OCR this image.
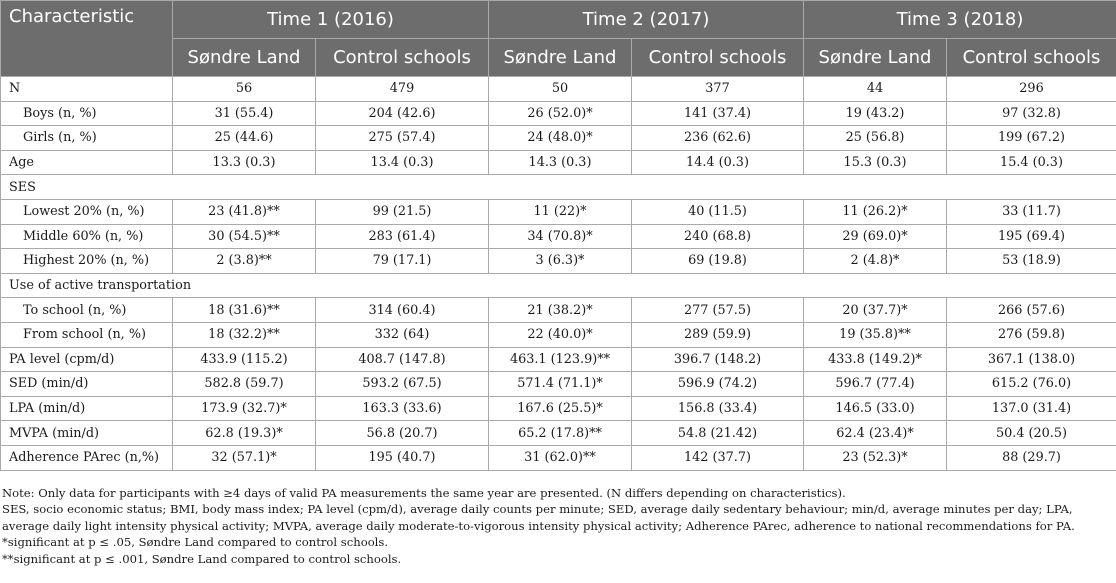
Characteristic	Time 1 (2016)		Time 2 (2017)		Time 3 (2018)	
	Søndre Land	Control schools	Søndre Land	Control schools	Søndre Land	Control schools
N	56	479	50	377	44	296
Boys (n, %)	31 (55.4)	204 (42.6)	26 (52.0)*	141 (37.4)	19 (43.2)	97 (32.8)
Girls (n, %)	25 (44.6)	275 (57.4)	24 (48.0)*	236 (62.6)	25 (56.8)	199 (67.2)
Age	13.3 (0.3)	13.4 (0.3)	14.3 (0.3)	14.4 (0.3)	15.3 (0.3)	15.4 (0.3)
SES						
Lowest 20% (n, %)	23 (41.8)**	99 (21.5)	11 (22)*	40 (11.5)	11 (26.2)*	33 (11.7)
Middle 60% (n, %)	30 (54.5)**	283 (61.4)	34 (70.8)*	240 (68.8)	29 (69.0)*	195 (69.4)
Highest 20% (n, %)	2 (3.8)**	79 (17.1)	3 (6.3)*	69 (19.8)	2 (4.8)*	53 (18.9)
Use of active transportation						
To school (n, %)	18 (31.6)**	314 (60.4)	21 (38.2)*	277 (57.5)	20 (37.7)*	266 (57.6)
From school (n, %)	18 (32.2)**	332 (64)	22 (40.0)*	289 (59.9)	19 (35.8)**	276 (59.8)
PA level (cpm/d)	433.9 (115.2)	408.7 (147.8)	463.1 (123.9)**	396.7 (148.2)	433.8 (149.2)*	367.1 (138.0)
SED (min/d)	582.8 (59.7)	593.2 (67.5)	571.4 (71.1)*	596.9 (74.2)	596.7 (77.4)	615.2 (76.0)
LPA (min/d)	173.9 (32.7)*	163.3 (33.6)	167.6 (25.5)*	156.8 (33.4)	146.5 (33.0)	137.0 (31.4)
MVPA (min/d)	62.8 (19.3)*	56.8 (20.7)	65.2 (17.8)**	54.8 (21.42)	62.4 (23.4)*	50.4 (20.5)
Adherence PArec (n,%)	32 (57.1)*	195 (40.7)	31 (62.0)**	142 (37.7)	23 (52.3)*	88 (29.7)
Note: Only data for participants with ≥4 days of valid PA measurements the same year are presented. (N differs depending on characteristics).
SES, socio economic status; BMI, body mass index; PA level (cpm/d), average daily counts per minute; SED, average daily sedentary behaviour; min/d, average minutes per day; LPA, average daily light intensity physical activity; MVPA, average daily moderate-to-vigorous intensity physical activity; Adherence PArec, adherence to national recommendations for PA.
*significant at p ≤ .05, Søndre Land compared to control schools.
**significant at p ≤ .001, Søndre Land compared to control schools.
